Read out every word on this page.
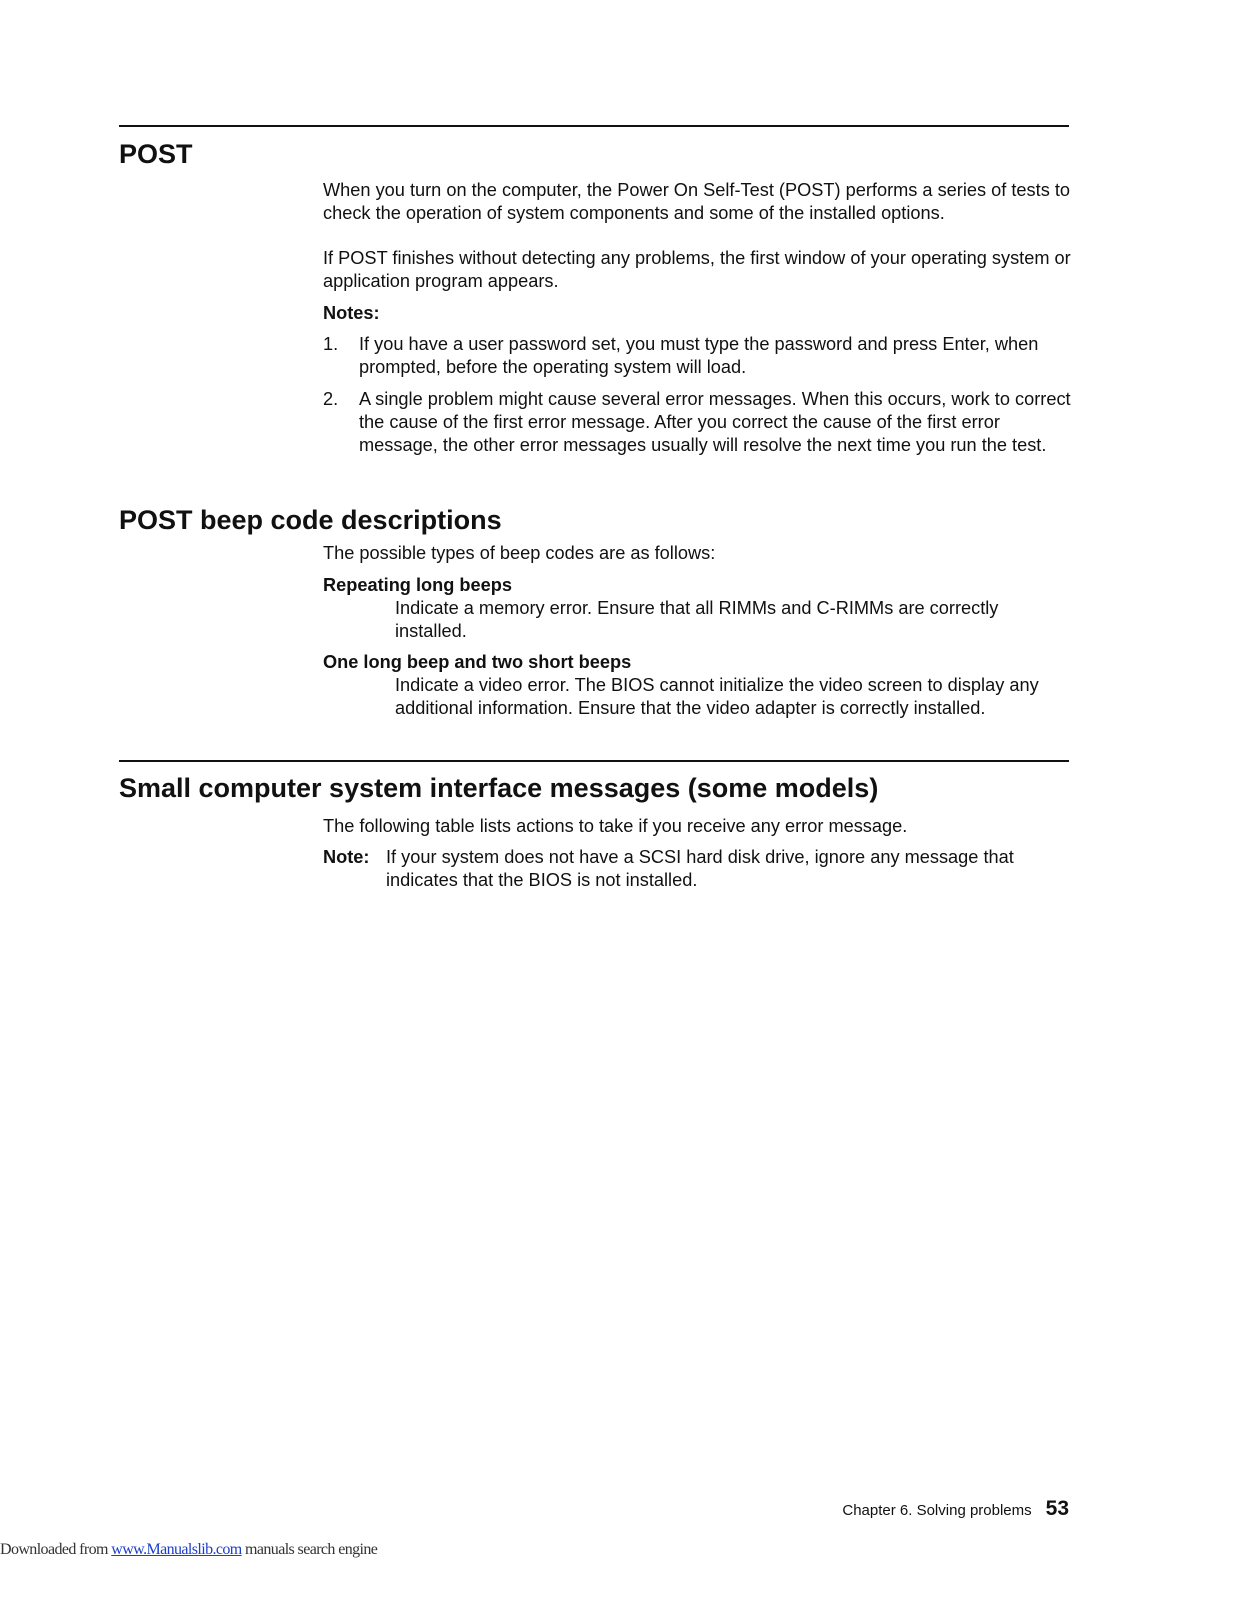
POST

When you turn on the computer, the Power On Self-Test (POST) performs a series of tests to check the operation of system components and some of the installed options.

If POST finishes without detecting any problems, the first window of your operating system or application program appears.

Notes:
1. If you have a user password set, you must type the password and press Enter, when prompted, before the operating system will load.
2. A single problem might cause several error messages. When this occurs, work to correct the cause of the first error message. After you correct the cause of the first error message, the other error messages usually will resolve the next time you run the test.
POST beep code descriptions
The possible types of beep codes are as follows:
Repeating long beeps
Indicate a memory error. Ensure that all RIMMs and C-RIMMs are correctly installed.
One long beep and two short beeps
Indicate a video error. The BIOS cannot initialize the video screen to display any additional information. Ensure that the video adapter is correctly installed.
Small computer system interface messages (some models)
The following table lists actions to take if you receive any error message.
Note: If your system does not have a SCSI hard disk drive, ignore any message that indicates that the BIOS is not installed.
Chapter 6. Solving problems 53
Downloaded from www.Manualslib.com manuals search engine
